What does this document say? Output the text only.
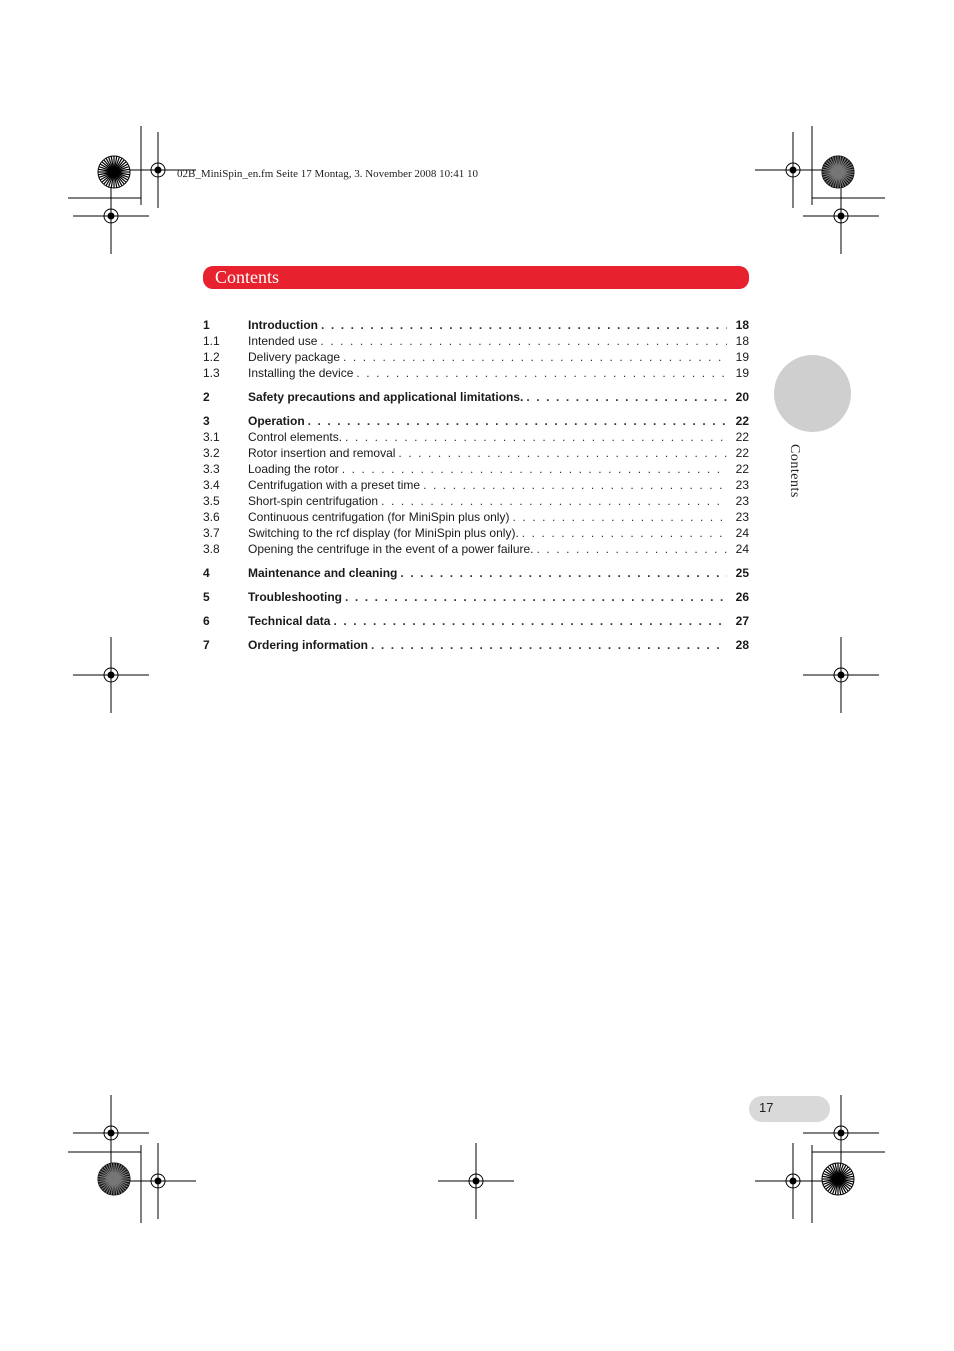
02B_MiniSpin_en.fm Seite 17 Montag, 3. November 2008 10:41 10
Contents
1	Introduction . . .	18
1.1	Intended use . . .	18
1.2	Delivery package . . .	19
1.3	Installing the device . . .	19
2	Safety precautions and applicational limitations. . . .	20
3	Operation . . .	22
3.1	Control elements. . . .	22
3.2	Rotor insertion and removal . . .	22
3.3	Loading the rotor . . .	22
3.4	Centrifugation with a preset time . . .	23
3.5	Short-spin centrifugation . . .	23
3.6	Continuous centrifugation (for MiniSpin plus only) . . .	23
3.7	Switching to the rcf display (for MiniSpin plus only). . . .	24
3.8	Opening the centrifuge in the event of a power failure. . . .	24
4	Maintenance and cleaning . . .	25
5	Troubleshooting . . .	26
6	Technical data . . .	27
7	Ordering information . . .	28
Contents
17
